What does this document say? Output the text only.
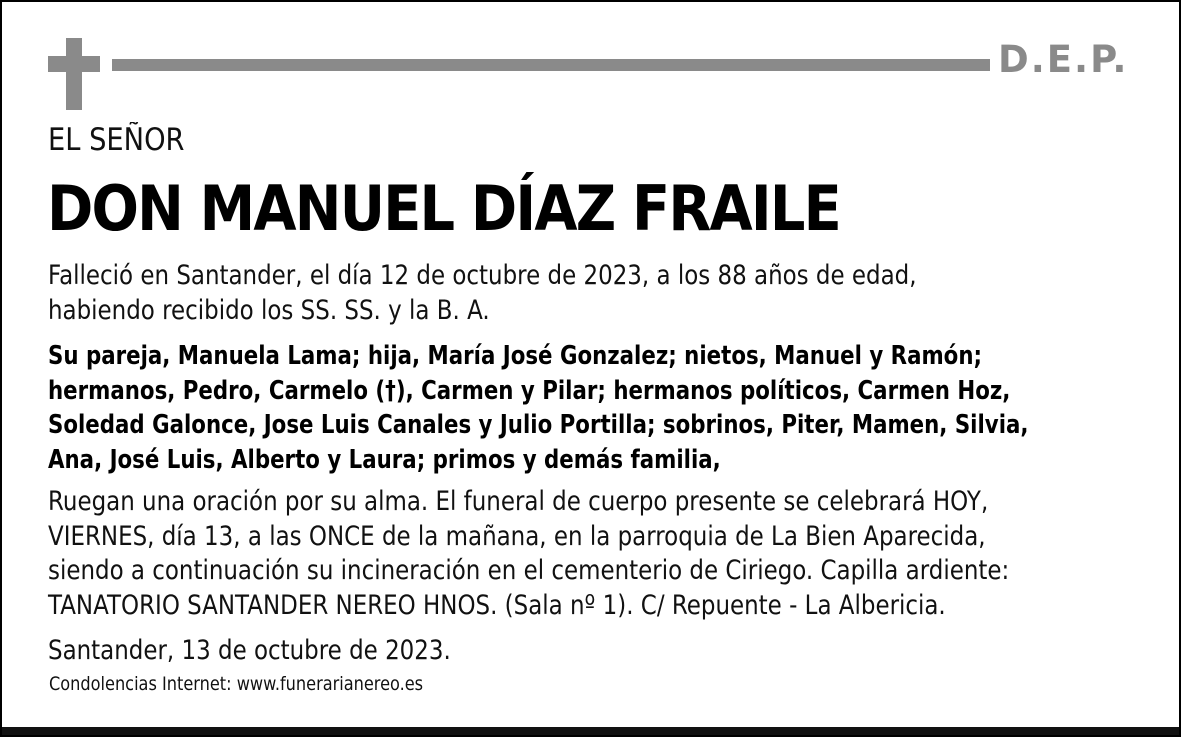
D.E.P.
EL SEÑOR
DON MANUEL DÍAZ FRAILE
Falleció en Santander, el día 12 de octubre de 2023, a los 88 años de edad,
habiendo recibido los SS. SS. y la B. A.
Su pareja, Manuela Lama; hija, María José Gonzalez; nietos, Manuel y Ramón;
hermanos, Pedro, Carmelo (†), Carmen y Pilar; hermanos políticos, Carmen Hoz,
Soledad Galonce, Jose Luis Canales y Julio Portilla; sobrinos, Piter, Mamen, Silvia,
Ana, José Luis, Alberto y Laura; primos y demás familia,
Ruegan una oración por su alma. El funeral de cuerpo presente se celebrará HOY,
VIERNES, día 13, a las ONCE de la mañana, en la parroquia de La Bien Aparecida,
siendo a continuación su incineración en el cementerio de Ciriego. Capilla ardiente:
TANATORIO SANTANDER NEREO HNOS. (Sala nº 1). C/ Repuente - La Albericia.
Santander, 13 de octubre de 2023.
Condolencias Internet: www.funerarianereo.es
